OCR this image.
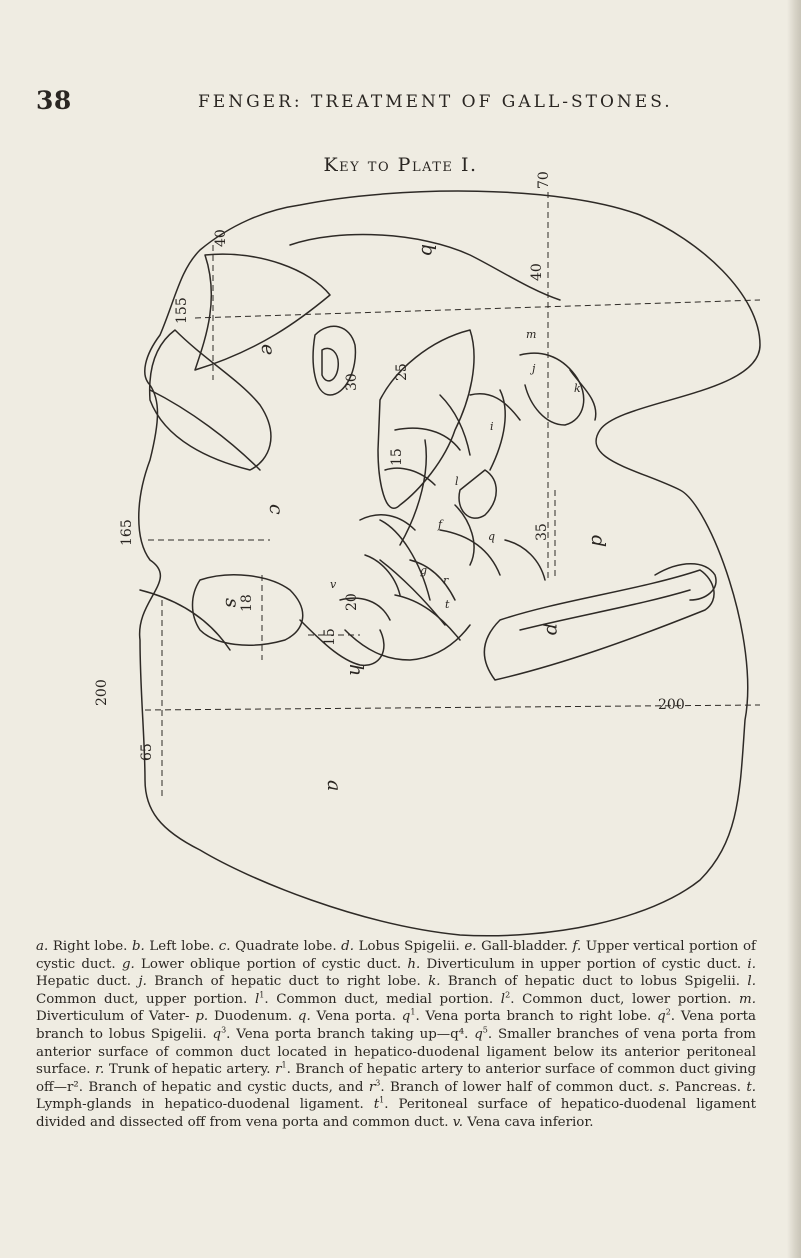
38	FENGER: TREATMENT OF GALL-STONES.
Key to Plate I.
a
c
d
b
p
e
s
h
f
g
i
j
k
l
m
q
r
t
v
70
40
40
155
165
200	200
65
35
18
15
15
20
25
30

a. Right lobe. b. Left lobe. c. Quadrate lobe. d. Lobus Spigelii. e. Gall-bladder. f. Upper vertical portion of cystic duct. g. Lower oblique portion of cystic duct. h. Diverticulum in upper portion of cystic duct. i. Hepatic duct. j. Branch of hepatic duct to right lobe. k. Branch of hepatic duct to lobus Spigelii. l. Common duct, upper portion. $l^1$. Common duct, medial portion. $l^2$. Common duct, lower portion. m. Diverticulum of Vater- p. Duodenum. q. Vena porta. $q^1$. Vena porta branch to right lobe. $q^2$. Vena porta branch to lobus Spigelii. $q^3$. Vena porta branch taking up—q⁴. $q^5$. Smaller branches of vena porta from anterior surface of common duct located in hepatico-duodenal ligament below its anterior peritoneal surface. r. Trunk of hepatic artery. $r^1$. Branch of hepatic artery to anterior surface of common duct giving off—r². Branch of hepatic and cystic ducts, and $r^3$. Branch of lower half of common duct. s. Pancreas. t. Lymph-glands in hepatico-duodenal ligament. $t^1$. Peritoneal surface of hepatico-duodenal ligament divided and dissected off from vena porta and common duct. v. Vena cava inferior.
